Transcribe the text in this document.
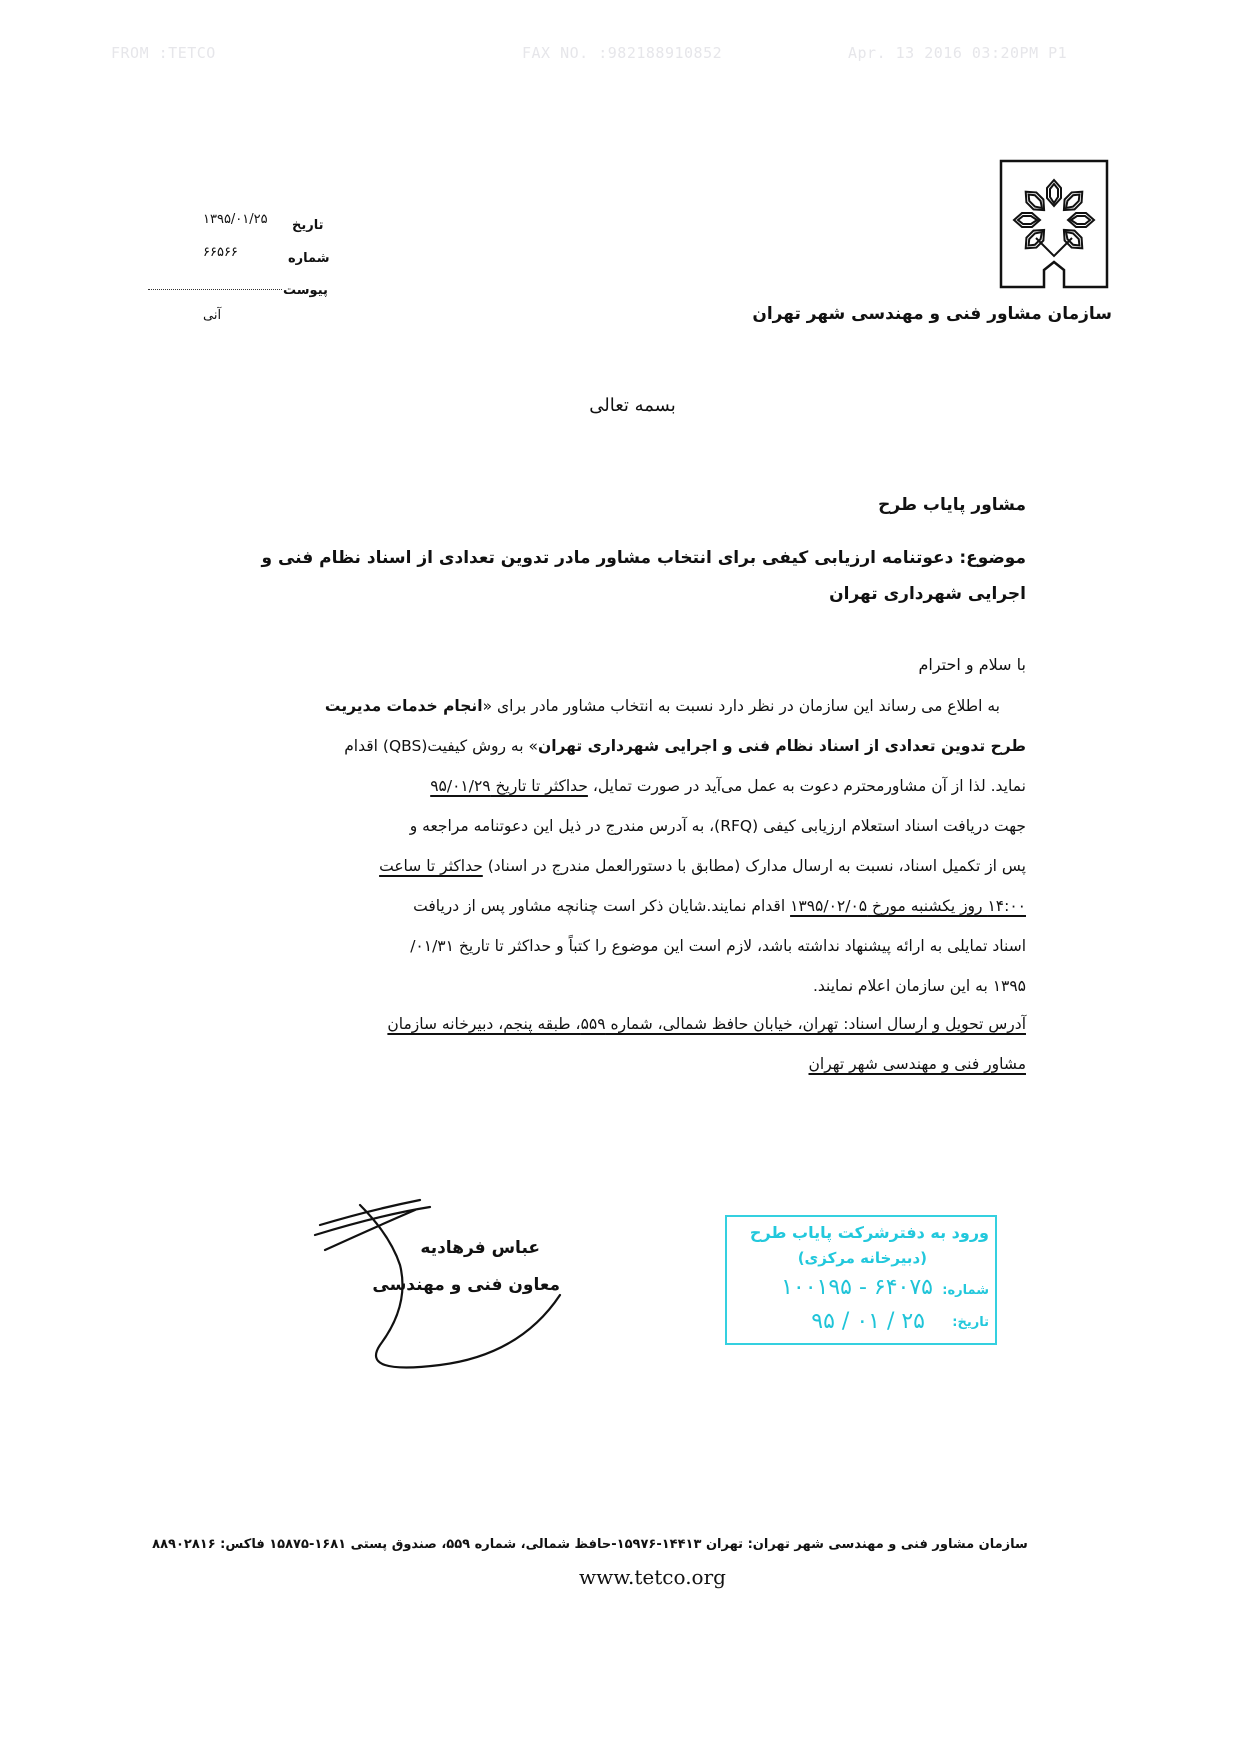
FROM :TETCO	FAX NO. :982188910852	Apr. 13 2016 03:20PM P1
سازمان مشاور فنی و مهندسی شهر تهران
تاریخ
۱۳۹۵/۰۱/۲۵
شماره
۶۶۵۶۶
پیوست
آنی
بسمه تعالی
مشاور پایاب طرح
موضوع: دعوتنامه ارزیابی کیفی برای انتخاب مشاور مادر تدوین تعدادی از اسناد نظام فنی و
اجرایی شهرداری تهران
با سلام و احترام
به اطلاع می رساند این سازمان در نظر دارد نسبت به انتخاب مشاور مادر برای «انجام خدمات مدیریت
طرح تدوین تعدادی از اسناد نظام فنی و اجرایی شهرداری تهران» به روش کیفیت(QBS) اقدام
نماید. لذا از آن مشاورمحترم دعوت به عمل می‌آید در صورت تمایل، حداکثر تا تاریخ ۹۵/۰۱/۲۹
جهت دریافت اسناد استعلام ارزیابی کیفی (RFQ)، به آدرس مندرج در ذیل این دعوتنامه مراجعه و
پس از تکمیل اسناد، نسبت به ارسال مدارک (مطابق با دستورالعمل مندرج در اسناد) حداکثر تا ساعت
۱۴:۰۰ روز یکشنبه مورخ ۱۳۹۵/۰۲/۰۵ اقدام نمایند.شایان ذکر است چنانچه مشاور پس از دریافت
اسناد تمایلی به ارائه پیشنهاد نداشته باشد، لازم است این موضوع را کتباً و حداکثر تا تاریخ ۰۱/۳۱/
۱۳۹۵ به این سازمان اعلام نمایند.
آدرس تحویل و ارسال اسناد: تهران، خیابان حافظ شمالی، شماره ۵۵۹، طبقه پنجم، دبیرخانه سازمان
مشاور فنی و مهندسی شهر تهران
عباس فرهادیه
معاون فنی و مهندسی
ورود به دفترشرکت پایاب طرح
(دبیرخانه مرکزی)
شماره:
۱۰۰۱۹۵ - ۶۴۰۷۵
تاریخ:
۹۵ / ۰۱ / ۲۵
سازمان مشاور فنی و مهندسی شهر تهران: تهران ۱۴۴۱۳-۱۵۹۷۶-حافظ شمالی، شماره ۵۵۹، صندوق پستی ۱۶۸۱-۱۵۸۷۵ فاکس: ۸۸۹۰۲۸۱۶
www.tetco.org
